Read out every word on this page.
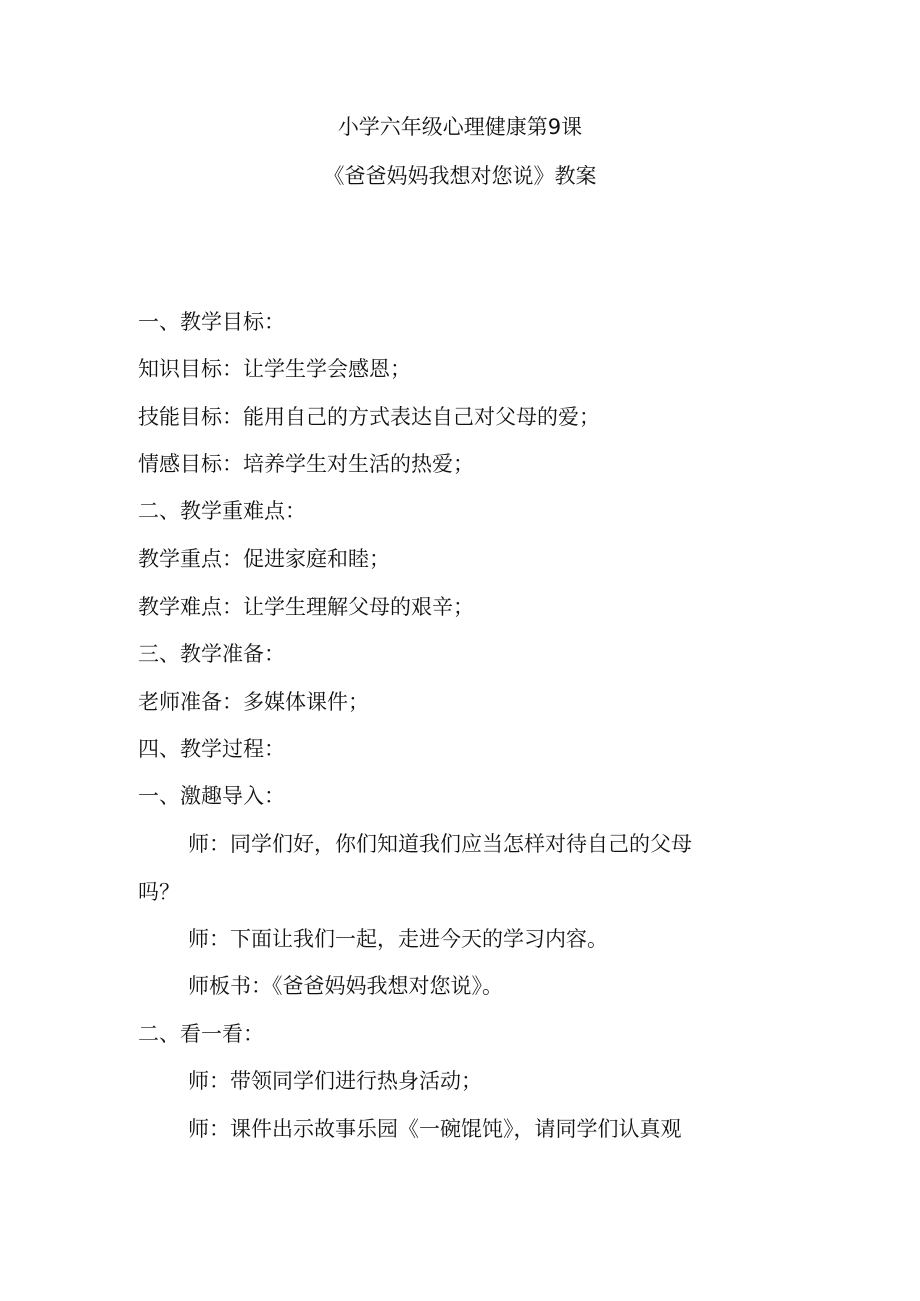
小学六年级心理健康第9课
《爸爸妈妈我想对您说》教案

一、教学目标：

知识目标：让学生学会感恩；

技能目标：能用自己的方式表达自己对父母的爱；

情感目标：培养学生对生活的热爱；

二、教学重难点：

教学重点：促进家庭和睦；

教学难点：让学生理解父母的艰辛；

三、教学准备：

老师准备：多媒体课件；

四、教学过程：

一、激趣导入：

师：同学们好，你们知道我们应当怎样对待自己的父母

吗？

师：下面让我们一起，走进今天的学习内容。

师板书：《爸爸妈妈我想对您说》。

二、看一看：

师：带领同学们进行热身活动；

师：课件出示故事乐园《一碗馄饨》，请同学们认真观
